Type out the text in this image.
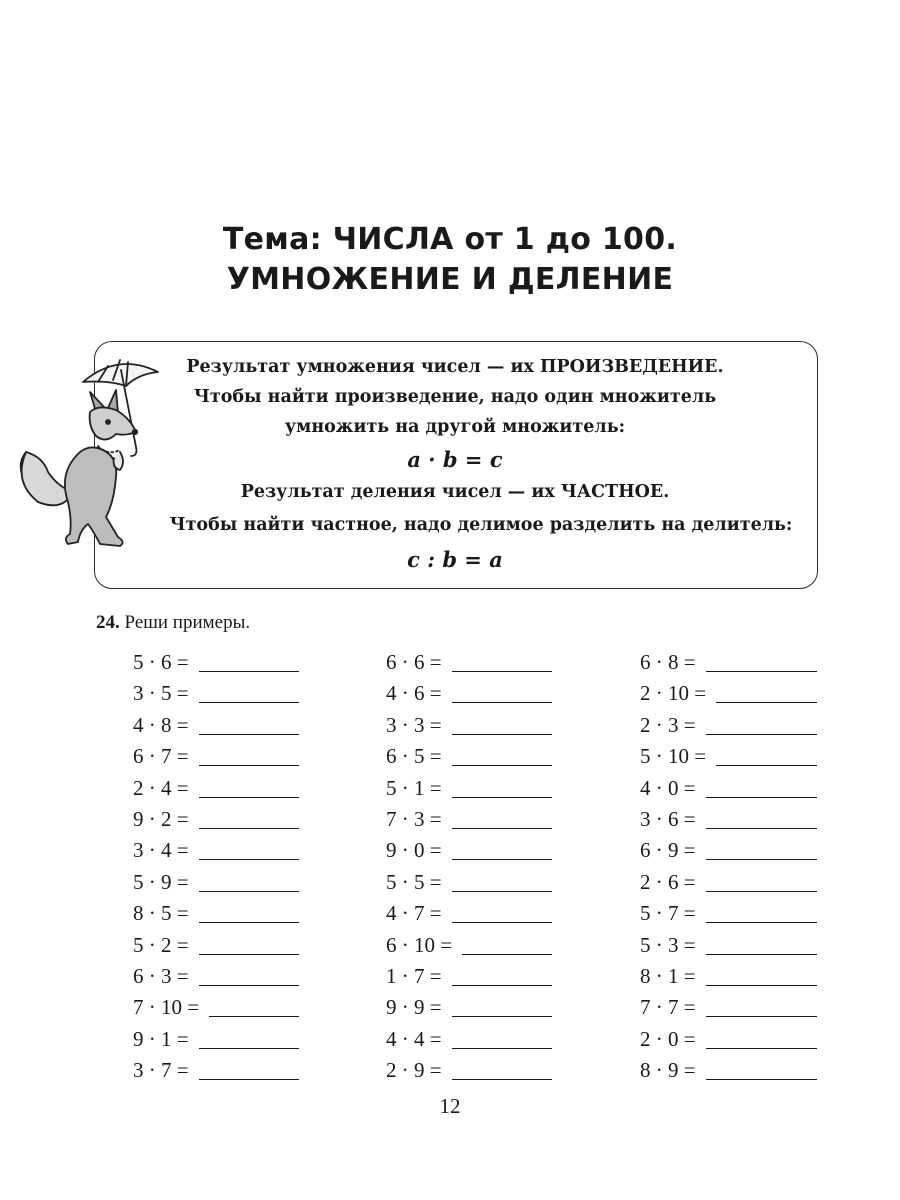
Тема: ЧИСЛА от 1 до 100.
УМНОЖЕНИЕ И ДЕЛЕНИЕ
Результат умножения чисел — их ПРОИЗВЕДЕНИЕ.
Чтобы найти произведение, надо один множитель
умножить на другой множитель:
a · b = c
Результат деления чисел — их ЧАСТНОЕ.
Чтобы найти частное, надо делимое разделить на делитель:
c : b = a
24. Реши примеры.
5 · 6 =
3 · 5 =
4 · 8 =
6 · 7 =
2 · 4 =
9 · 2 =
3 · 4 =
5 · 9 =
8 · 5 =
5 · 2 =
6 · 3 =
7 · 10 =
9 · 1 =
3 · 7 =
6 · 6 =
4 · 6 =
3 · 3 =
6 · 5 =
5 · 1 =
7 · 3 =
9 · 0 =
5 · 5 =
4 · 7 =
6 · 10 =
1 · 7 =
9 · 9 =
4 · 4 =
2 · 9 =
6 · 8 =
2 · 10 =
2 · 3 =
5 · 10 =
4 · 0 =
3 · 6 =
6 · 9 =
2 · 6 =
5 · 7 =
5 · 3 =
8 · 1 =
7 · 7 =
2 · 0 =
8 · 9 =
12
